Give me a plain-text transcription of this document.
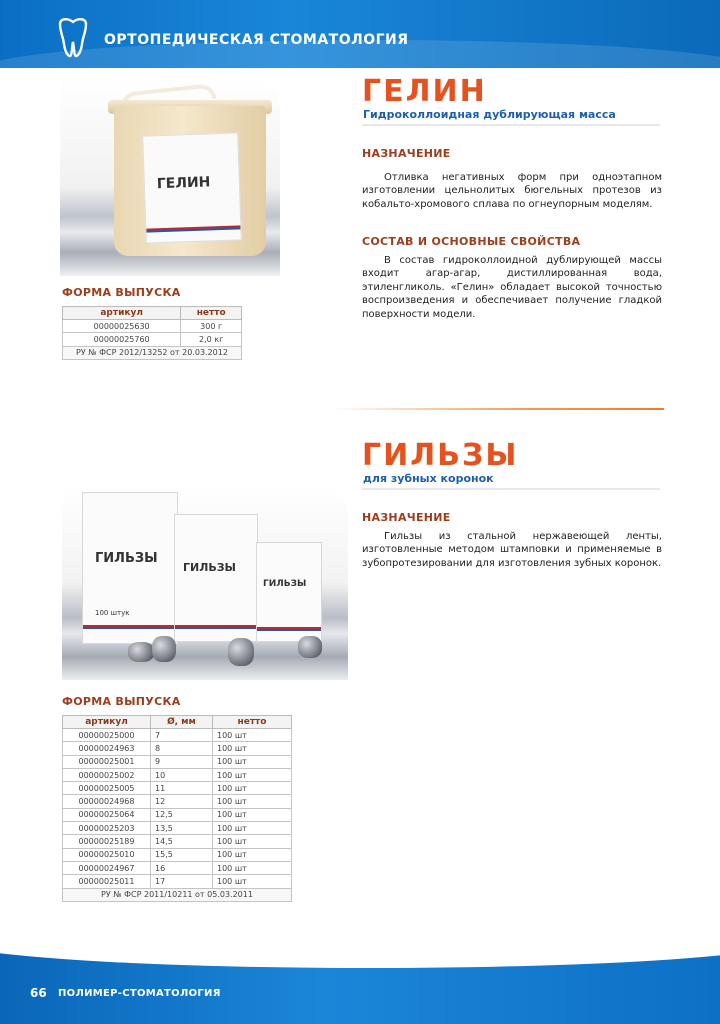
ОРТОПЕДИЧЕСКАЯ СТОМАТОЛОГИЯ
ГЕЛИН
Гидроколлоидная дублирующая масса
ГЕЛИН
НАЗНАЧЕНИЕ
Отливка негативных форм при одноэтапном изготовлении цельнолитых бюгельных протезов из кобальто-хромового сплава по огнеупорным моделям.
СОСТАВ И ОСНОВНЫЕ СВОЙСТВА
В состав гидроколлоидной дублирующей массы входит агар-агар, дистиллированная вода, этиленгликоль. «Гелин» обладает высокой точностью воспроизведения и обеспечивает получение гладкой поверхности модели.
ФОРМА ВЫПУСКА
артикул	нетто
00000025630	300 г
00000025760	2,0 кг
РУ № ФСР 2012/13252 от 20.03.2012	
ГИЛЬЗЫ
для зубных коронок
ГИЛЬЗЫ
100 штук
ГИЛЬЗЫ
ГИЛЬЗЫ
НАЗНАЧЕНИЕ
Гильзы из стальной нержавеющей ленты, изготовленные методом штамповки и применяемые в зубопротезировании для изготовления зубных коронок.
ФОРМА ВЫПУСКА
артикул	Ø, мм	нетто
00000025000	7	100 шт
00000024963	8	100 шт
00000025001	9	100 шт
00000025002	10	100 шт
00000025005	11	100 шт
00000024968	12	100 шт
00000025064	12,5	100 шт
00000025203	13,5	100 шт
00000025189	14,5	100 шт
00000025010	15,5	100 шт
00000024967	16	100 шт
00000025011	17	100 шт
РУ № ФСР 2011/10211 от 05.03.2011		
66 ПОЛИМЕР-СТОМАТОЛОГИЯ
